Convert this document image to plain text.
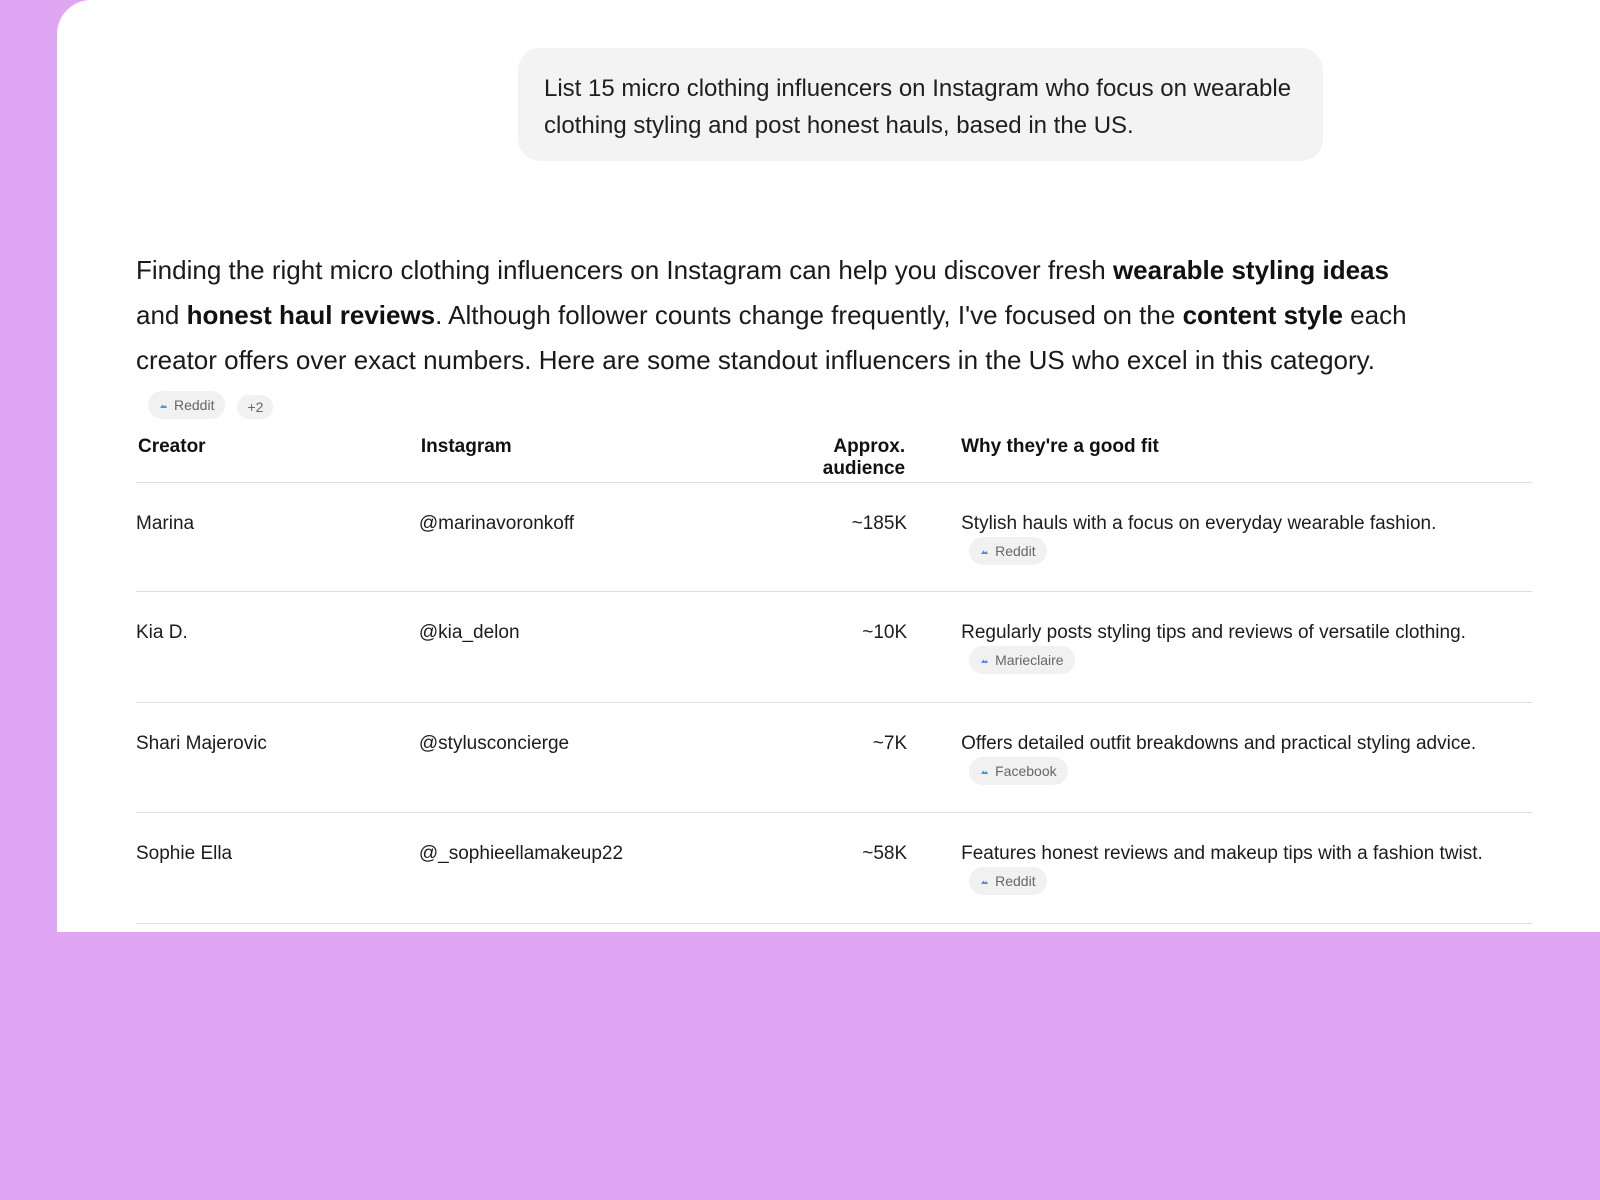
List 15 micro clothing influencers on Instagram who focus on wearable clothing styling and post honest hauls, based in the US.
Finding the right micro clothing influencers on Instagram can help you discover fresh wearable styling ideas and honest haul reviews. Although follower counts change frequently, I've focused on the content style each creator offers over exact numbers. Here are some standout influencers in the US who excel in this category.
Reddit +2
Creator	Instagram	Approx. audience	Why they're a good fit
Marina	@marinavoronkoff	~185K	Stylish hauls with a focus on everyday wearable fashion.
Reddit

Kia D.	@kia_delon	~10K	Regularly posts styling tips and reviews of versatile clothing.
Marieclaire

Shari Majerovic	@stylusconcierge	~7K	Offers detailed outfit breakdowns and practical styling advice.
Facebook

Sophie Ella	@_sophieellamakeup22	~58K	Features honest reviews and makeup tips with a fashion twist.
Reddit
